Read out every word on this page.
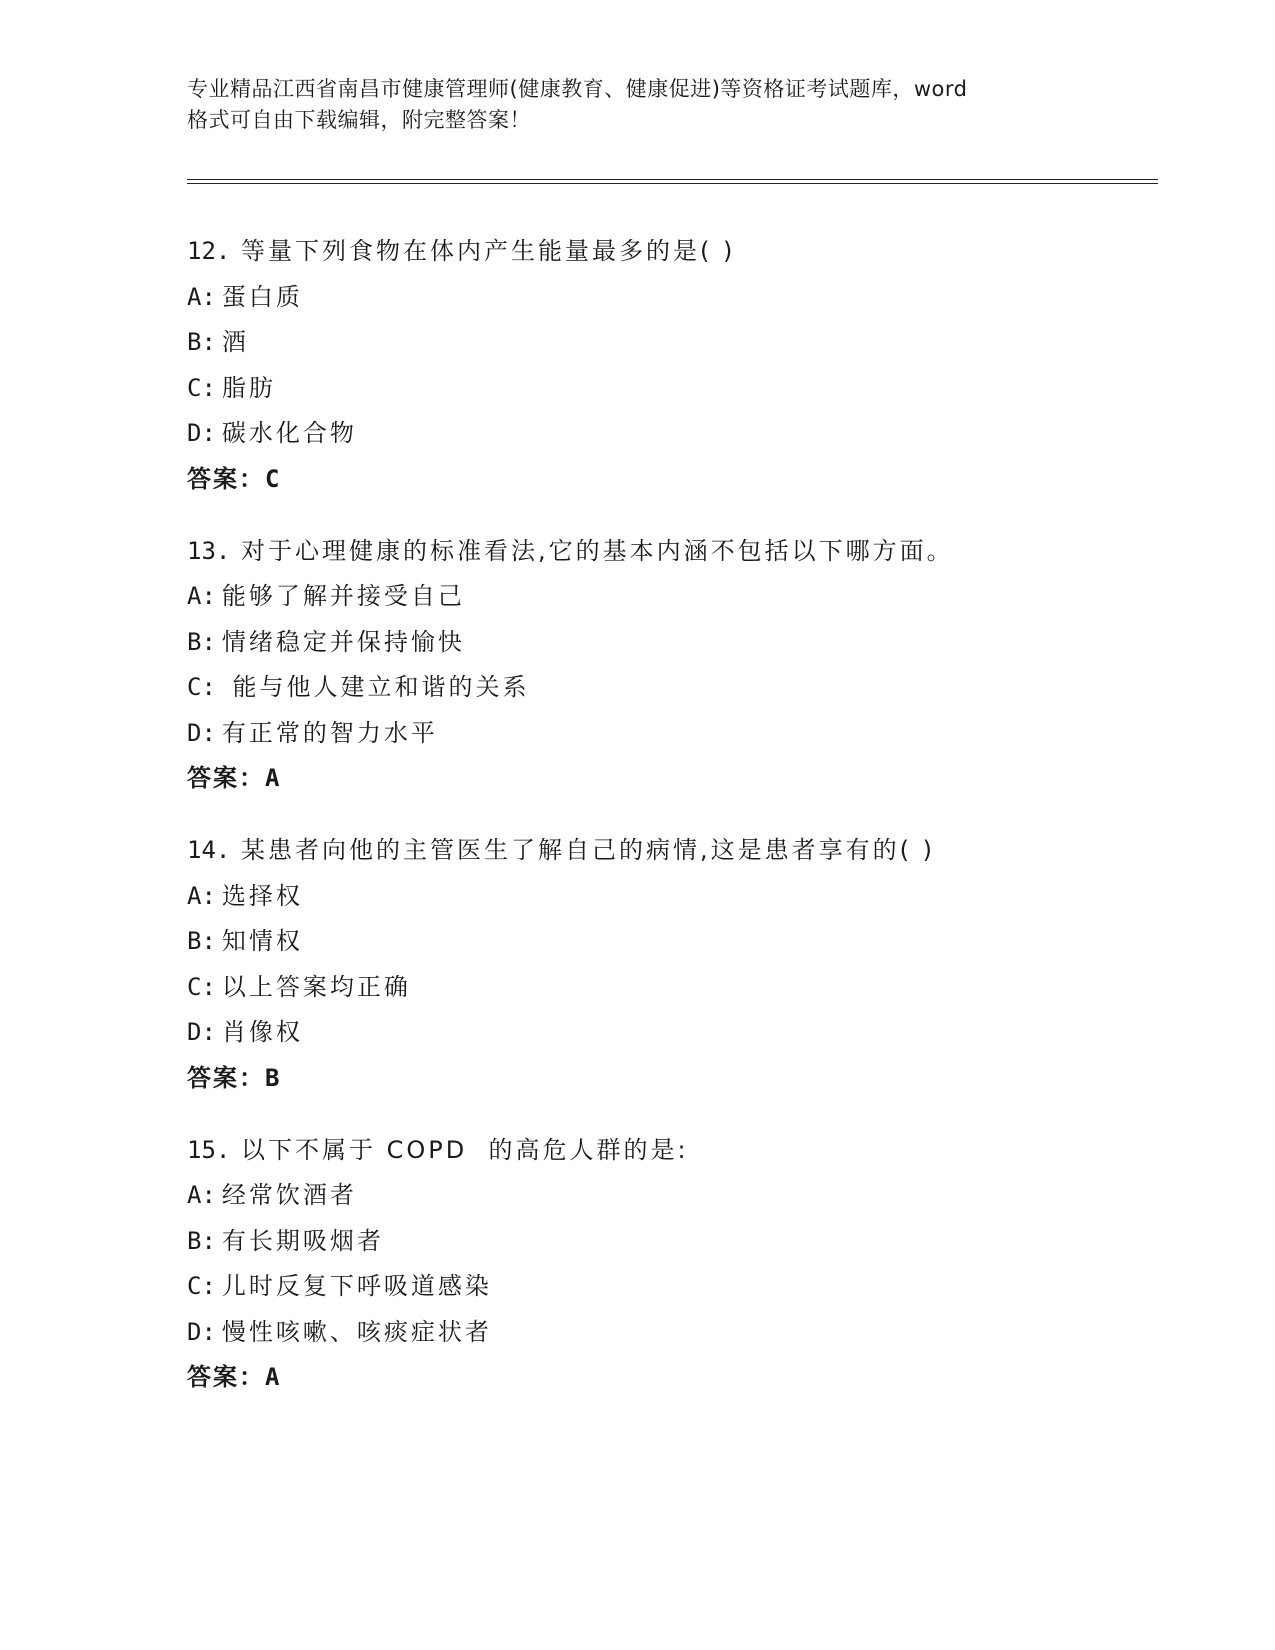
专业精品江西省南昌市健康管理师(健康教育、健康促进)等资格证考试题库，word
格式可自由下载编辑，附完整答案！
12. 等量下列食物在体内产生能量最多的是( )
A: 蛋白质
B: 酒
C: 脂肪
D: 碳水化合物
答案：C
13. 对于心理健康的标准看法,它的基本内涵不包括以下哪方面。
A: 能够了解并接受自己
B: 情绪稳定并保持愉快
C: 能与他人建立和谐的关系
D: 有正常的智力水平
答案：A
14. 某患者向他的主管医生了解自己的病情,这是患者享有的( )
A: 选择权
B: 知情权
C: 以上答案均正确
D: 肖像权
答案：B
15. 以下不属于 COPD  的高危人群的是:
A: 经常饮酒者
B: 有长期吸烟者
C: 儿时反复下呼吸道感染
D: 慢性咳嗽、咳痰症状者
答案：A
